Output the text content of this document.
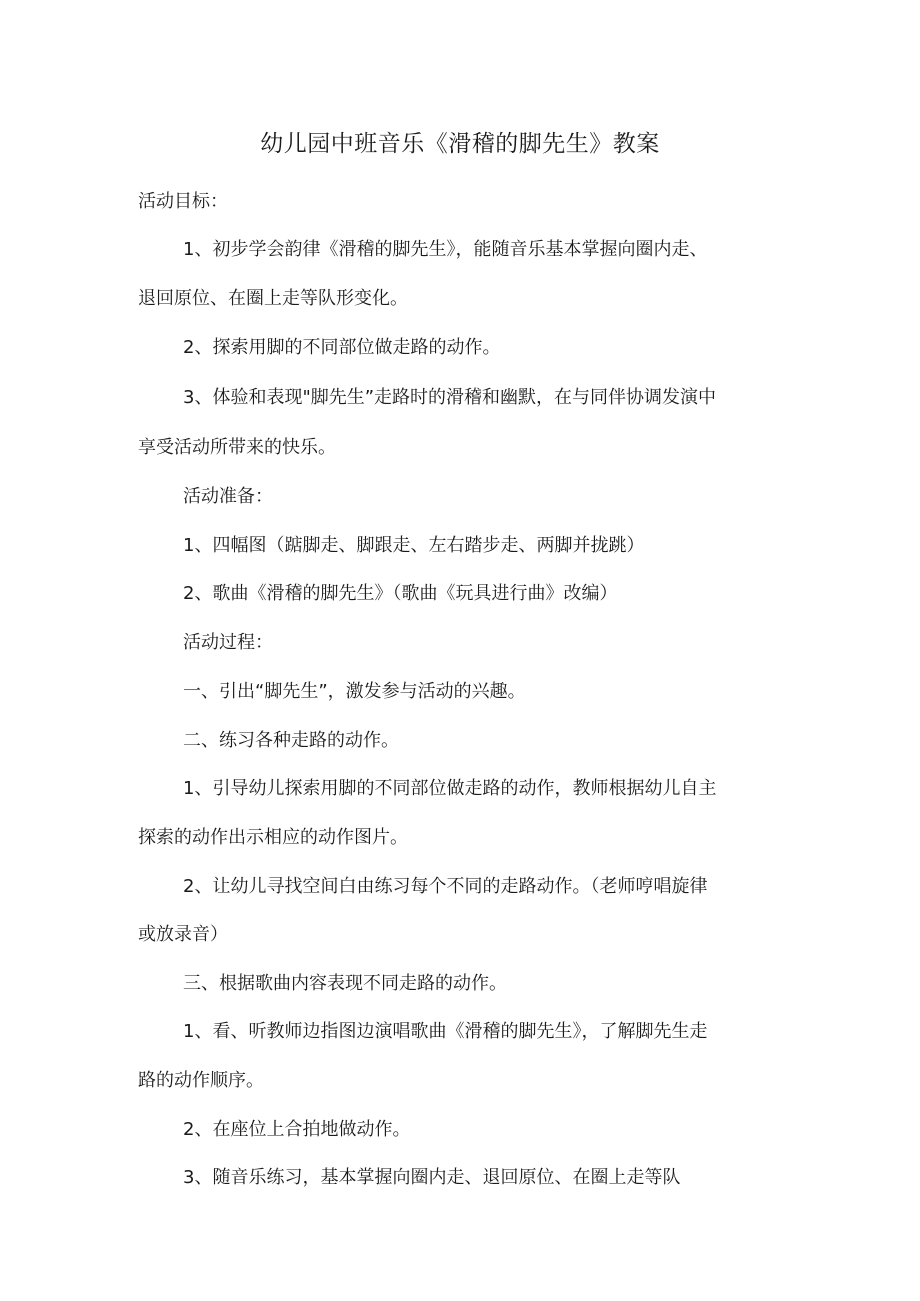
幼儿园中班音乐《滑稽的脚先生》教案
活动目标：
1、初步学会韵律《滑稽的脚先生》，能随音乐基本掌握向圈内走、
退回原位、在圈上走等队形变化。
2、探索用脚的不同部位做走路的动作。
3、体验和表现"脚先生”走路时的滑稽和幽默，在与同伴协调发演中
享受活动所带来的快乐。
活动准备：
1、四幅图（踮脚走、脚跟走、左右踏步走、两脚并拢跳）
2、歌曲《滑稽的脚先生》（歌曲《玩具进行曲》改编）
活动过程：
一、引出“脚先生”，激发参与活动的兴趣。
二、练习各种走路的动作。
1、引导幼儿探索用脚的不同部位做走路的动作，教师根据幼儿自主
探索的动作出示相应的动作图片。
2、让幼儿寻找空间白由练习每个不同的走路动作。（老师哼唱旋律
或放录音）
三、根据歌曲内容表现不同走路的动作。
1、看、听教师边指图边演唱歌曲《滑稽的脚先生》，了解脚先生走
路的动作顺序。
2、在座位上合拍地做动作。
3、随音乐练习，基本掌握向圈内走、退回原位、在圈上走等队
